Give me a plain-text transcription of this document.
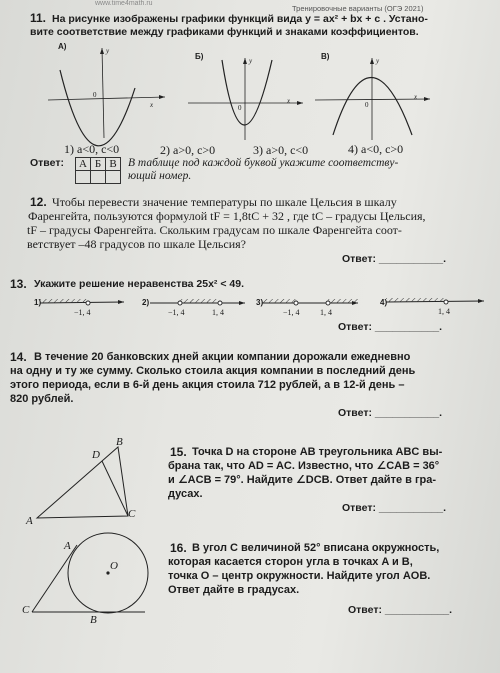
www.time4math.ru
Тренировочные варианты (ОГЭ 2021)
11. На рисунке изображены графики функций вида y = ax² + bx + c . Устано-
вите соответствие между графиками функций и знаками коэффициентов.
А)
Б)	В)
y
x
0
y
x
0
y
x
0
1) a<0, c<0	2) a>0, c>0	3) a>0, c<0	4) a<0, c>0
Ответ: А	Б	В
		В таблице под каждой буквой укажите соответству-
ющий номер.
12. Чтобы перевести значение температуры по шкале Цельсия в шкалу
Фаренгейта, пользуются формулой tF = 1,8tC + 32 , где tC – градусы Цельсия,
tF – градусы Фаренгейта. Скольким градусам по шкале Фаренгейта соот-
ветствует –48 градусов по шкале Цельсия?
Ответ: ___________.
13. Укажите решение неравенства 25x² < 49.
1)	2)	3)	4)
−1, 4	−1, 4	1, 4	−1, 4	1, 4	1, 4
Ответ: ___________.
14. В течение 20 банковских дней акции компании дорожали ежедневно
на одну и ту же сумму. Сколько стоила акция компании в последний день
этого периода, если в 6-й день акция стоила 712 рублей, а в 12-й день –
820 рублей.
Ответ: ___________.
A
B
C
D	15. Точка D на стороне AB треугольника ABC вы-
брана так, что AD = AC. Известно, что ∠CAB = 36°
и ∠ACB = 79°. Найдите ∠DCB. Ответ дайте в гра-
дусах.
Ответ: ___________.
A
B
C
O
16. В угол C величиной 52° вписана окружность,
которая касается сторон угла в точках A и B,
точка O – центр окружности. Найдите угол AOB.
Ответ дайте в градусах.
Ответ: ___________.
